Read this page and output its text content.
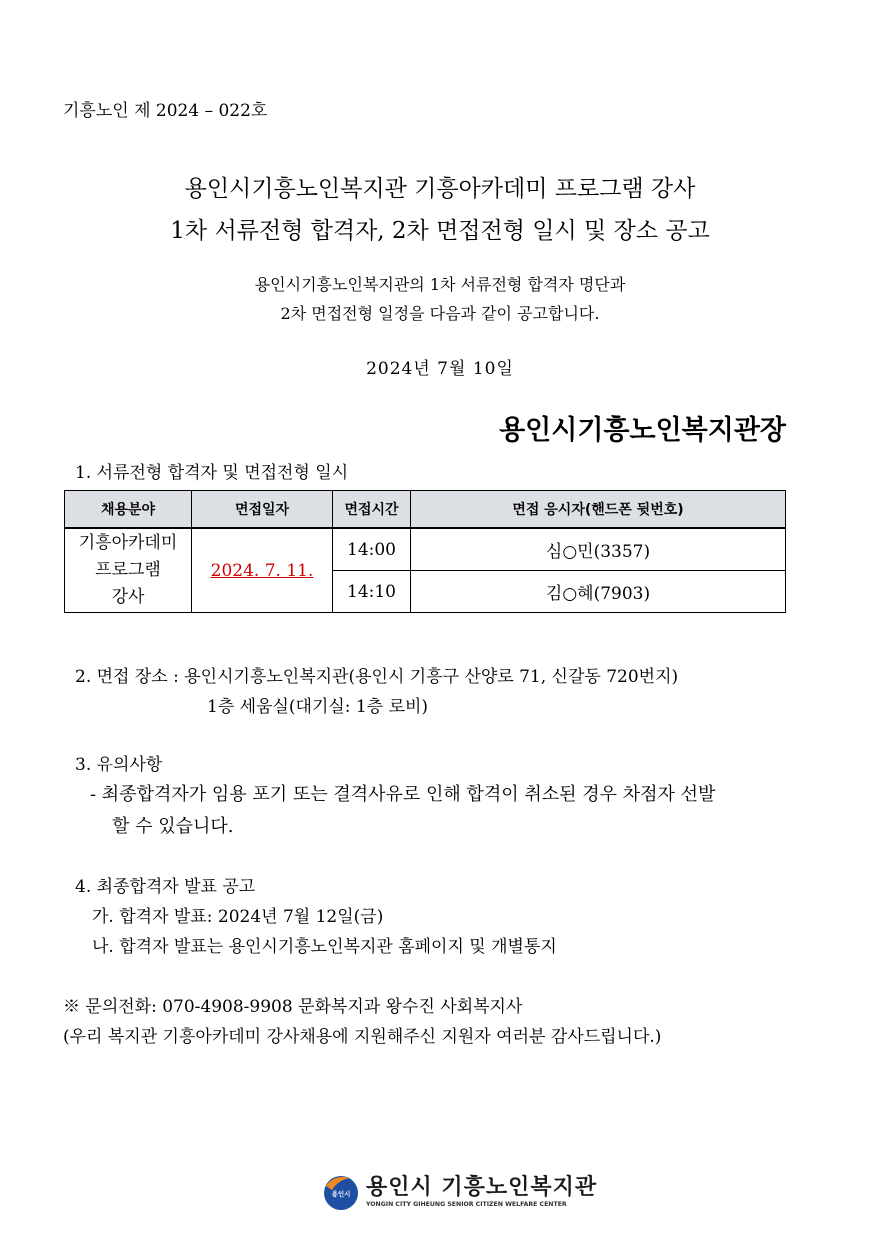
기흥노인 제 2024 – 022호
용인시기흥노인복지관 기흥아카데미 프로그램 강사
1차 서류전형 합격자, 2차 면접전형 일시 및 장소 공고
용인시기흥노인복지관의 1차 서류전형 합격자 명단과
2차 면접전형 일정을 다음과 같이 공고합니다.
2024년 7월 10일
용인시기흥노인복지관장
1. 서류전형 합격자 및 면접전형 일시
채용분야	면접일자	면접시간	면접 응시자(핸드폰 뒷번호)

기흥아카데미
프로그램
강사	2024. 7. 11.	14:00	심○민(3357)
		14:10	김○혜(7903)
2. 면접 장소 : 용인시기흥노인복지관(용인시 기흥구 산양로 71, 신갈동 720번지)
1층 세움실(대기실: 1층 로비)
3. 유의사항
- 최종합격자가 임용 포기 또는 결격사유로 인해 합격이 취소된 경우 차점자 선발
할 수 있습니다.
4. 최종합격자 발표 공고
가. 합격자 발표: 2024년 7월 12일(금)
나. 합격자 발표는 용인시기흥노인복지관 홈페이지 및 개별통지
※ 문의전화: 070-4908-9908 문화복지과 왕수진 사회복지사
(우리 복지관 기흥아카데미 강사채용에 지원해주신 지원자 여러분 감사드립니다.)
용인시 용인시 기흥노인복지관
YONGIN CITY GIHEUNG SENIOR CITIZEN WELFARE CENTER
